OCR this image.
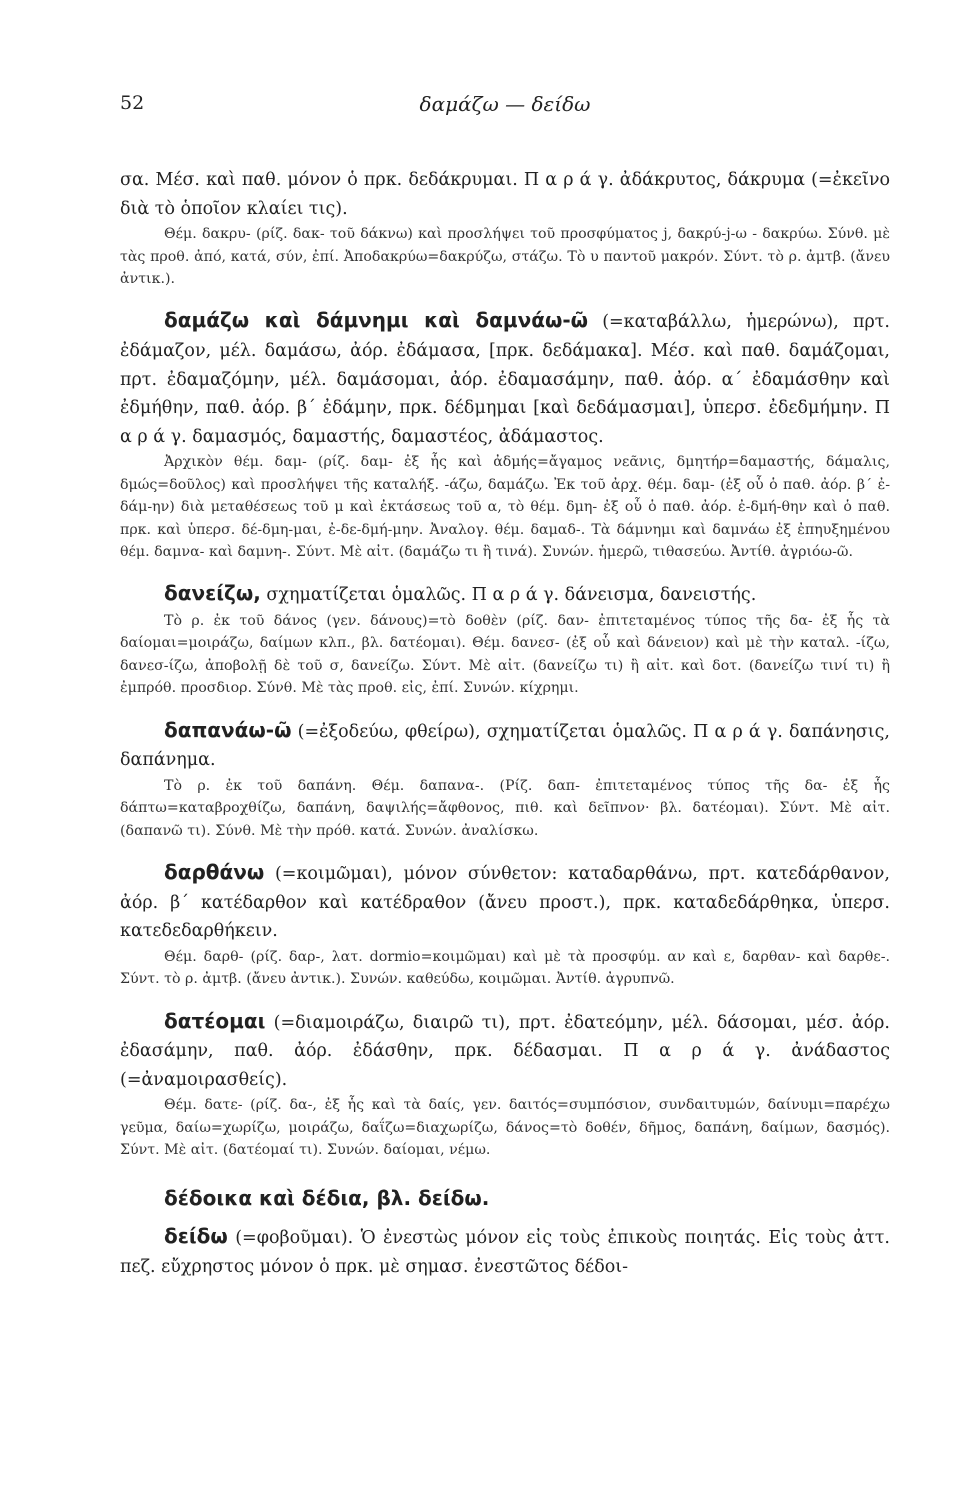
52	δαμάζω — δείδω

σα. Μέσ. καὶ παθ. μόνον ὁ πρκ. δεδάκρυμαι. Π α ρ ά γ. ἀδάκρυτος, δάκρυμα (=ἐκεῖνο διὰ τὸ ὁποῖον κλαίει τις).

Θέμ. δακρυ- (ρίζ. δακ- τοῦ δάκνω) καὶ προσλήψει τοῦ προσφύματος j, δακρύ-j-ω - δακρύω. Σύνθ. μὲ τὰς προθ. ἀπό, κατά, σύν, ἐπί. Ἀποδακρύω=δακρύζω, στάζω. Τὸ υ παντοῦ μακρόν. Σύντ. τὸ ρ. ἀμτβ. (ἄνευ ἀντικ.).

δαμάζω καὶ δάμνημι καὶ δαμνάω-ῶ (=καταβάλλω, ἡμερώνω), πρτ. ἐδάμαζον, μέλ. δαμάσω, ἀόρ. ἐδάμασα, [πρκ. δεδάμακα]. Μέσ. καὶ παθ. δαμάζομαι, πρτ. ἐδαμαζόμην, μέλ. δαμάσομαι, ἀόρ. ἐδαμασάμην, παθ. ἀόρ. α΄ ἐδαμάσθην καὶ ἐδμήθην, παθ. ἀόρ. β΄ ἐδάμην, πρκ. δέδμημαι [καὶ δεδάμασμαι], ὑπερσ. ἐδεδμήμην. Π α ρ ά γ. δαμασμός, δαμαστής, δαμαστέος, ἀδάμαστος.

Ἀρχικὸν θέμ. δαμ- (ρίζ. δαμ- ἐξ ἧς καὶ ἀδμής=ἄγαμος νεᾶνις, δμητήρ=δαμαστής, δάμαλις, δμώς=δοῦλος) καὶ προσλήψει τῆς καταλήξ. -άζω, δαμάζω. Ἐκ τοῦ ἀρχ. θέμ. δαμ- (ἐξ οὗ ὁ παθ. ἀόρ. β΄ ἐ-δάμ-ην) διὰ μεταθέσεως τοῦ μ καὶ ἐκτάσεως τοῦ α, τὸ θέμ. δμη- ἐξ οὗ ὁ παθ. ἀόρ. ἐ-δμή-θην καὶ ὁ παθ. πρκ. καὶ ὑπερσ. δέ-δμη-μαι, ἐ-δε-δμή-μην. Ἀναλογ. θέμ. δαμαδ-. Τὰ δάμνημι καὶ δαμνάω ἐξ ἐπηυξημένου θέμ. δαμνα- καὶ δαμνη-. Σύντ. Μὲ αἰτ. (δαμάζω τι ἢ τινά). Συνών. ἡμερῶ, τιθασεύω. Ἀντίθ. ἀγριόω-ῶ.

δανείζω, σχηματίζεται ὁμαλῶς. Π α ρ ά γ. δάνεισμα, δανειστής.

Τὸ ρ. ἐκ τοῦ δάνος (γεν. δάνους)=τὸ δοθὲν (ρίζ. δαν- ἐπιτεταμένος τύπος τῆς δα- ἐξ ἧς τὰ δαίομαι=μοιράζω, δαίμων κλπ., βλ. δατέομαι). Θέμ. δανεσ- (ἐξ οὗ καὶ δάνειον) καὶ μὲ τὴν καταλ. -ίζω, δανεσ-ίζω, ἀποβολῇ δὲ τοῦ σ, δανείζω. Σύντ. Μὲ αἰτ. (δανείζω τι) ἢ αἰτ. καὶ δοτ. (δανείζω τινί τι) ἢ ἐμπρόθ. προσδιορ. Σύνθ. Μὲ τὰς προθ. εἰς, ἐπί. Συνών. κίχρημι.

δαπανάω-ῶ (=ἐξοδεύω, φθείρω), σχηματίζεται ὁμαλῶς. Π α ρ ά γ. δαπάνησις, δαπάνημα.

Τὸ ρ. ἐκ τοῦ δαπάνη. Θέμ. δαπανα-. (Ρίζ. δαπ- ἐπιτεταμένος τύπος τῆς δα- ἐξ ἧς δάπτω=καταβροχθίζω, δαπάνη, δαψιλής=ἄφθονος, πιθ. καὶ δεῖπνον· βλ. δατέομαι). Σύντ. Μὲ αἰτ. (δαπανῶ τι). Σύνθ. Μὲ τὴν πρόθ. κατά. Συνών. ἀναλίσκω.

δαρθάνω (=κοιμῶμαι), μόνον σύνθετον: καταδαρθάνω, πρτ. κατεδάρθανον, ἀόρ. β΄ κατέδαρθον καὶ κατέδραθον (ἄνευ προστ.), πρκ. καταδεδάρθηκα, ὑπερσ. κατεδεδαρθήκειν.

Θέμ. δαρθ- (ρίζ. δαρ-, λατ. dormio=κοιμῶμαι) καὶ μὲ τὰ προσφύμ. αν καὶ ε, δαρθαν- καὶ δαρθε-. Σύντ. τὸ ρ. ἀμτβ. (ἄνευ ἀντικ.). Συνών. καθεύδω, κοιμῶμαι. Ἀντίθ. ἀγρυπνῶ.

δατέομαι (=διαμοιράζω, διαιρῶ τι), πρτ. ἐδατεόμην, μέλ. δάσομαι, μέσ. ἀόρ. ἐδασάμην, παθ. ἀόρ. ἐδάσθην, πρκ. δέδασμαι. Π α ρ ά γ. ἀνάδαστος (=ἀναμοιρασθείς).

Θέμ. δατε- (ρίζ. δα-, ἐξ ἧς καὶ τὰ δαίς, γεν. δαιτός=συμπόσιον, συνδαιτυμών, δαίνυμι=παρέχω γεῦμα, δαίω=χωρίζω, μοιράζω, δαΐζω=διαχωρίζω, δάνος=τὸ δοθέν, δῆμος, δαπάνη, δαίμων, δασμός). Σύντ. Μὲ αἰτ. (δατέομαί τι). Συνών. δαίομαι, νέμω.

δέδοικα καὶ δέδια, βλ. δείδω.

δείδω (=φοβοῦμαι). Ὁ ἐνεστὼς μόνον εἰς τοὺς ἐπικοὺς ποιητάς. Εἰς τοὺς ἀττ. πεζ. εὔχρηστος μόνον ὁ πρκ. μὲ σημασ. ἐνεστῶτος δέδοι-
